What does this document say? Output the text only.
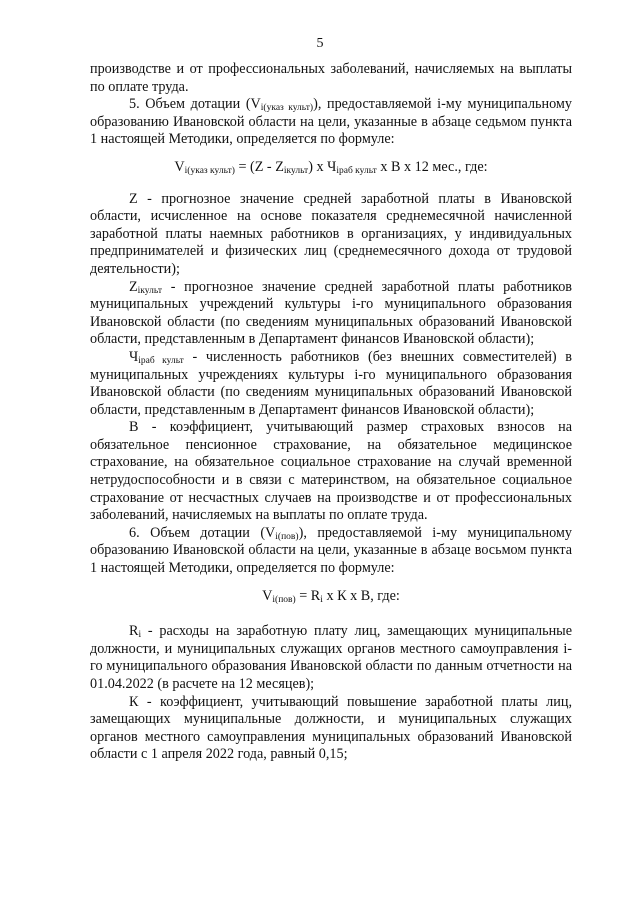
5

производстве и от профессиональных заболеваний, начисляемых на выплаты по оплате труда.

5. Объем дотации $(V_{i(указ культ)})$, предоставляемой i-му муниципальному образованию Ивановской области на цели, указанные в абзаце седьмом пункта 1 настоящей Методики, определяется по формуле:

$V_{i(указ культ)} = (Z - Z_{iкульт})$ х $Ч_{iраб культ}$ х В х 12 мес., где:

Z - прогнозное значение средней заработной платы в Ивановской области, исчисленное на основе показателя среднемесячной начисленной заработной платы наемных работников в организациях, у индивидуальных предпринимателей и физических лиц (среднемесячного дохода от трудовой деятельности);

$Z_{iкульт}$ - прогнозное значение средней заработной платы работников муниципальных учреждений культуры i-го муниципального образования Ивановской области (по сведениям муниципальных образований Ивановской области, представленным в Департамент финансов Ивановской области);

$Ч_{iраб культ}$ - численность работников (без внешних совместителей) в муниципальных учреждениях культуры i-го муниципального образования Ивановской области (по сведениям муниципальных образований Ивановской области, представленным в Департамент финансов Ивановской области);

В - коэффициент, учитывающий размер страховых взносов на обязательное пенсионное страхование, на обязательное медицинское страхование, на обязательное социальное страхование на случай временной нетрудоспособности и в связи с материнством, на обязательное социальное страхование от несчастных случаев на производстве и от профессиональных заболеваний, начисляемых на выплаты по оплате труда.

6. Объем дотации $(V_{i(пов)})$, предоставляемой i-му муниципальному образованию Ивановской области на цели, указанные в абзаце восьмом пункта 1 настоящей Методики, определяется по формуле:

$V_{i(пов)} = R_i$ х К х В, где:

$R_i$ - расходы на заработную плату лиц, замещающих муниципальные должности, и муниципальных служащих органов местного самоуправления i-го муниципального образования Ивановской области по данным отчетности на 01.04.2022 (в расчете на 12 месяцев);

К - коэффициент, учитывающий повышение заработной платы лиц, замещающих муниципальные должности, и муниципальных служащих органов местного самоуправления муниципальных образований Ивановской области с 1 апреля 2022 года, равный 0,15;
